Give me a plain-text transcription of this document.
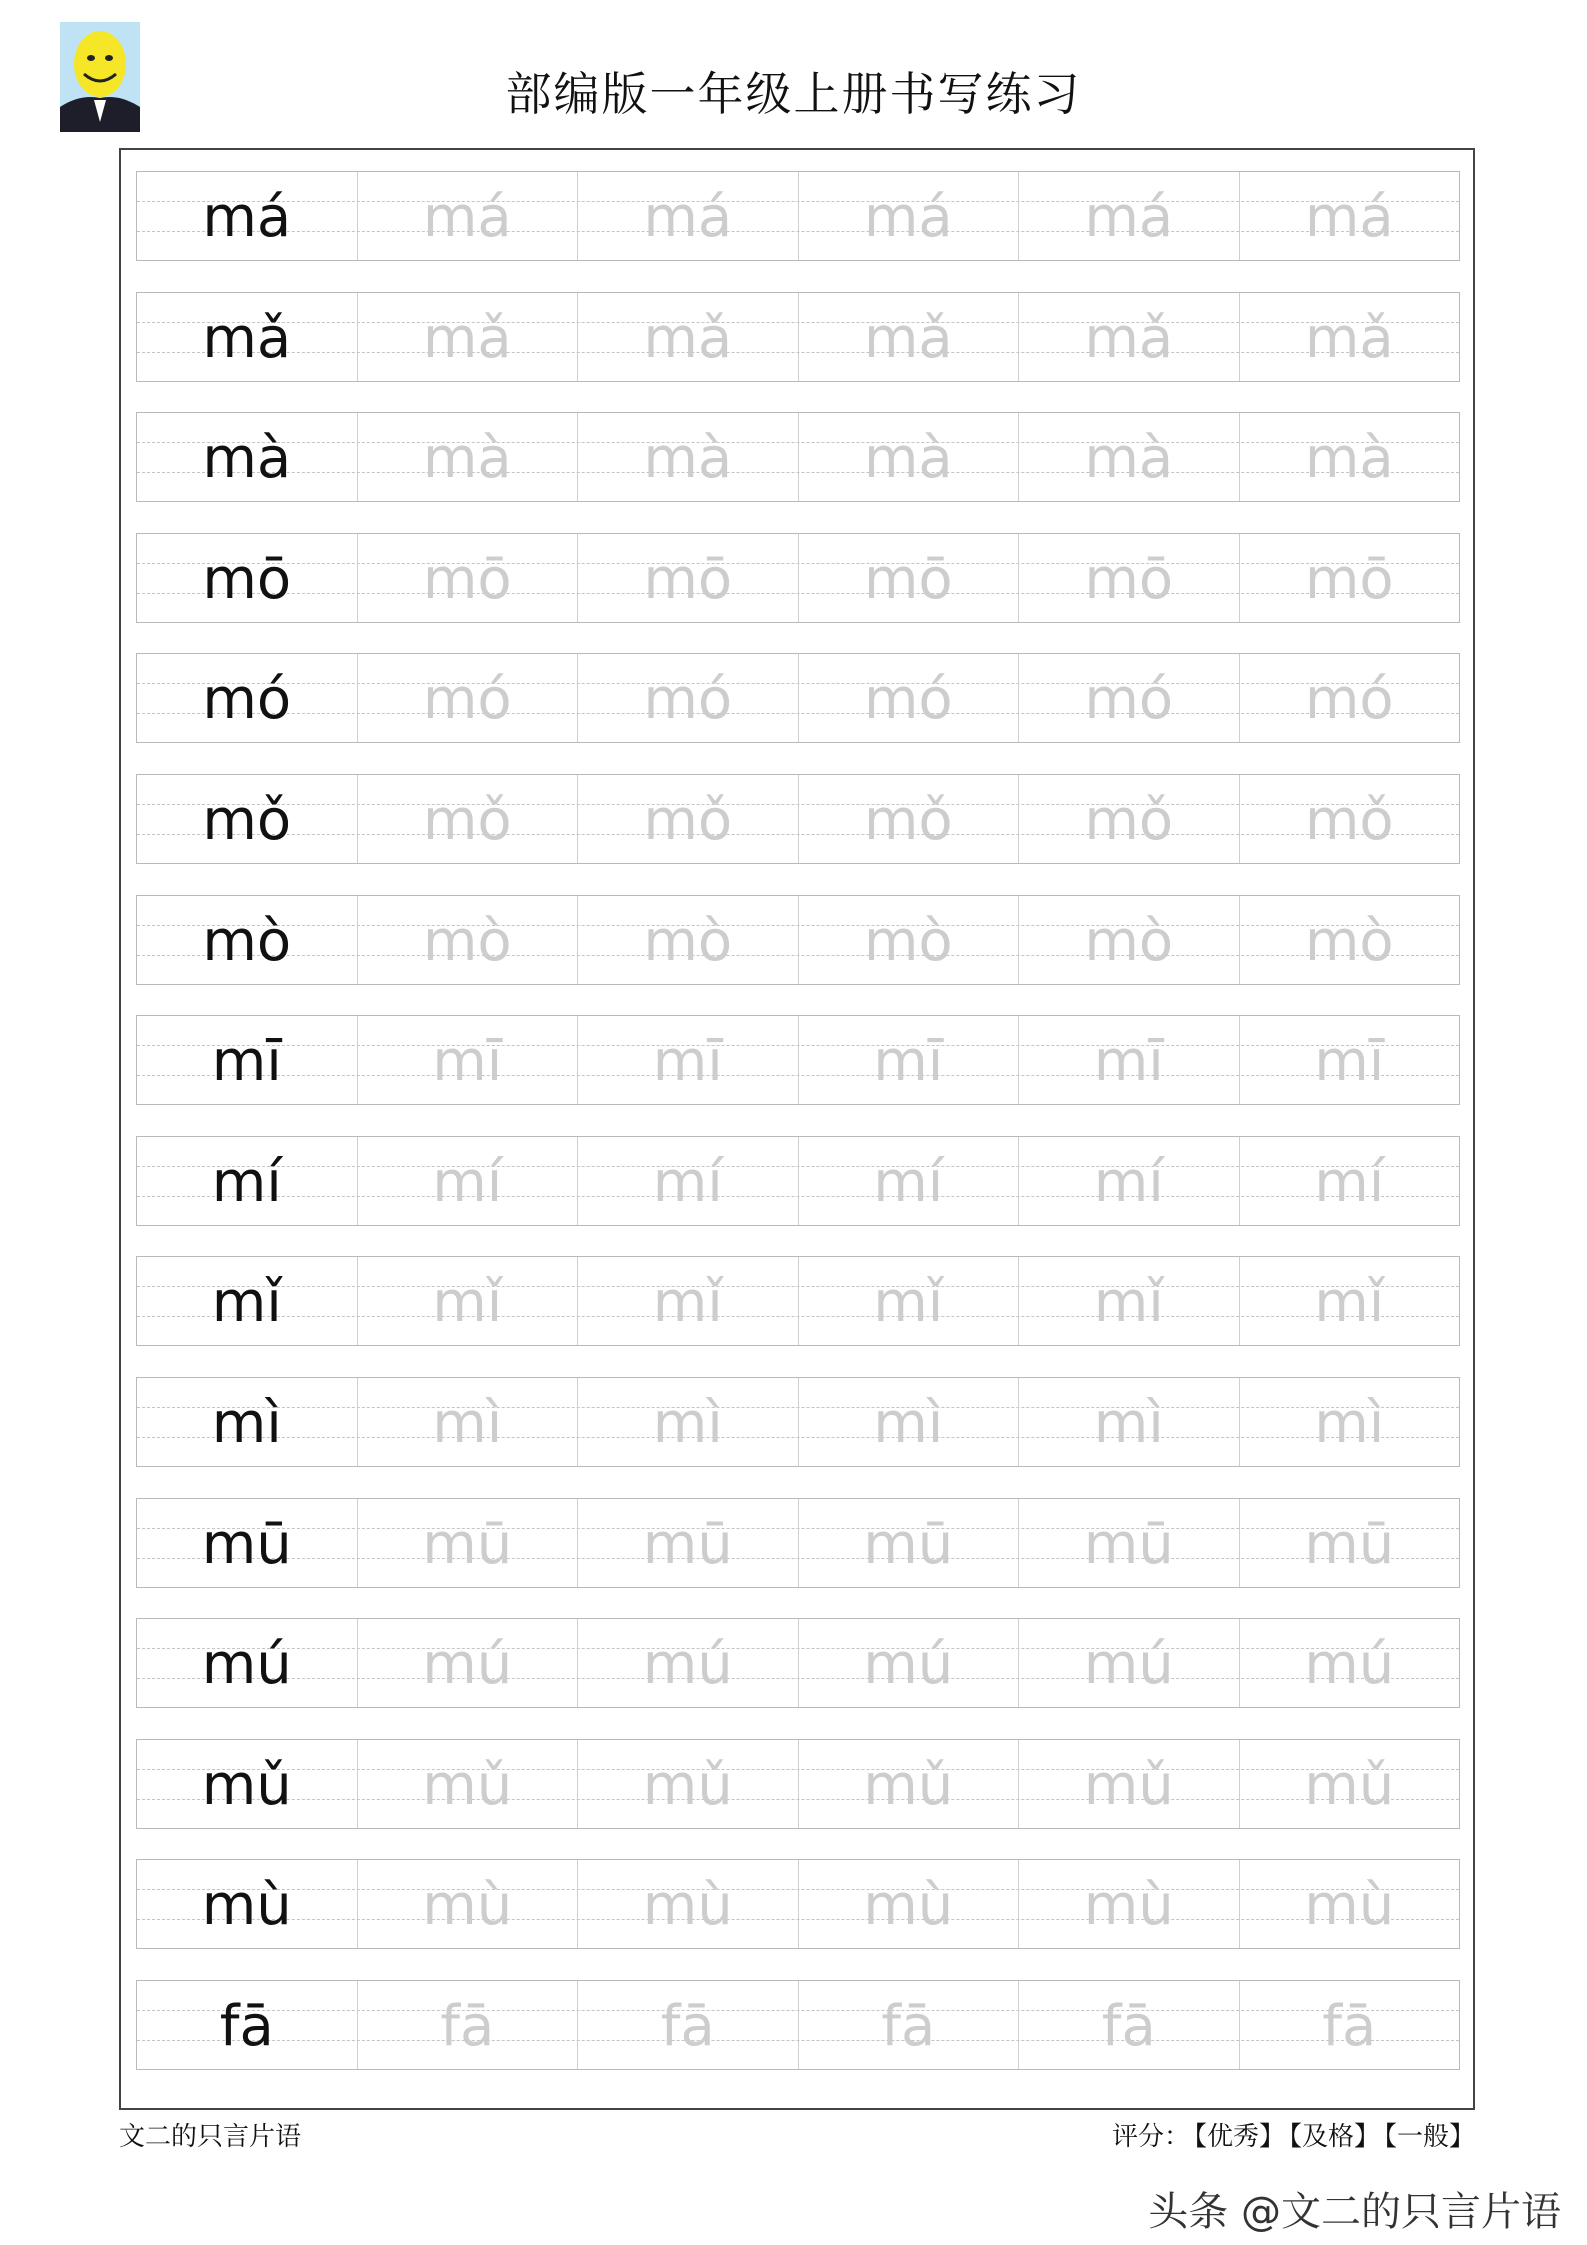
部编版一年级上册书写练习
má	má	má	má	má	má
mǎ	mǎ	mǎ	mǎ	mǎ	mǎ
mà	mà	mà	mà	mà	mà
mō	mō	mō	mō	mō	mō
mó	mó	mó	mó	mó	mó
mǒ	mǒ	mǒ	mǒ	mǒ	mǒ
mò	mò	mò	mò	mò	mò
mī	mī	mī	mī	mī	mī
mí	mí	mí	mí	mí	mí
mǐ	mǐ	mǐ	mǐ	mǐ	mǐ
mì	mì	mì	mì	mì	mì
mū	mū	mū	mū	mū	mū
mú	mú	mú	mú	mú	mú
mǔ	mǔ	mǔ	mǔ	mǔ	mǔ
mù	mù	mù	mù	mù	mù
fā	fā	fā	fā	fā	fā
文二的只言片语	评分： 【优秀】 【及格】 【一般】
头条 @文二的只言片语
